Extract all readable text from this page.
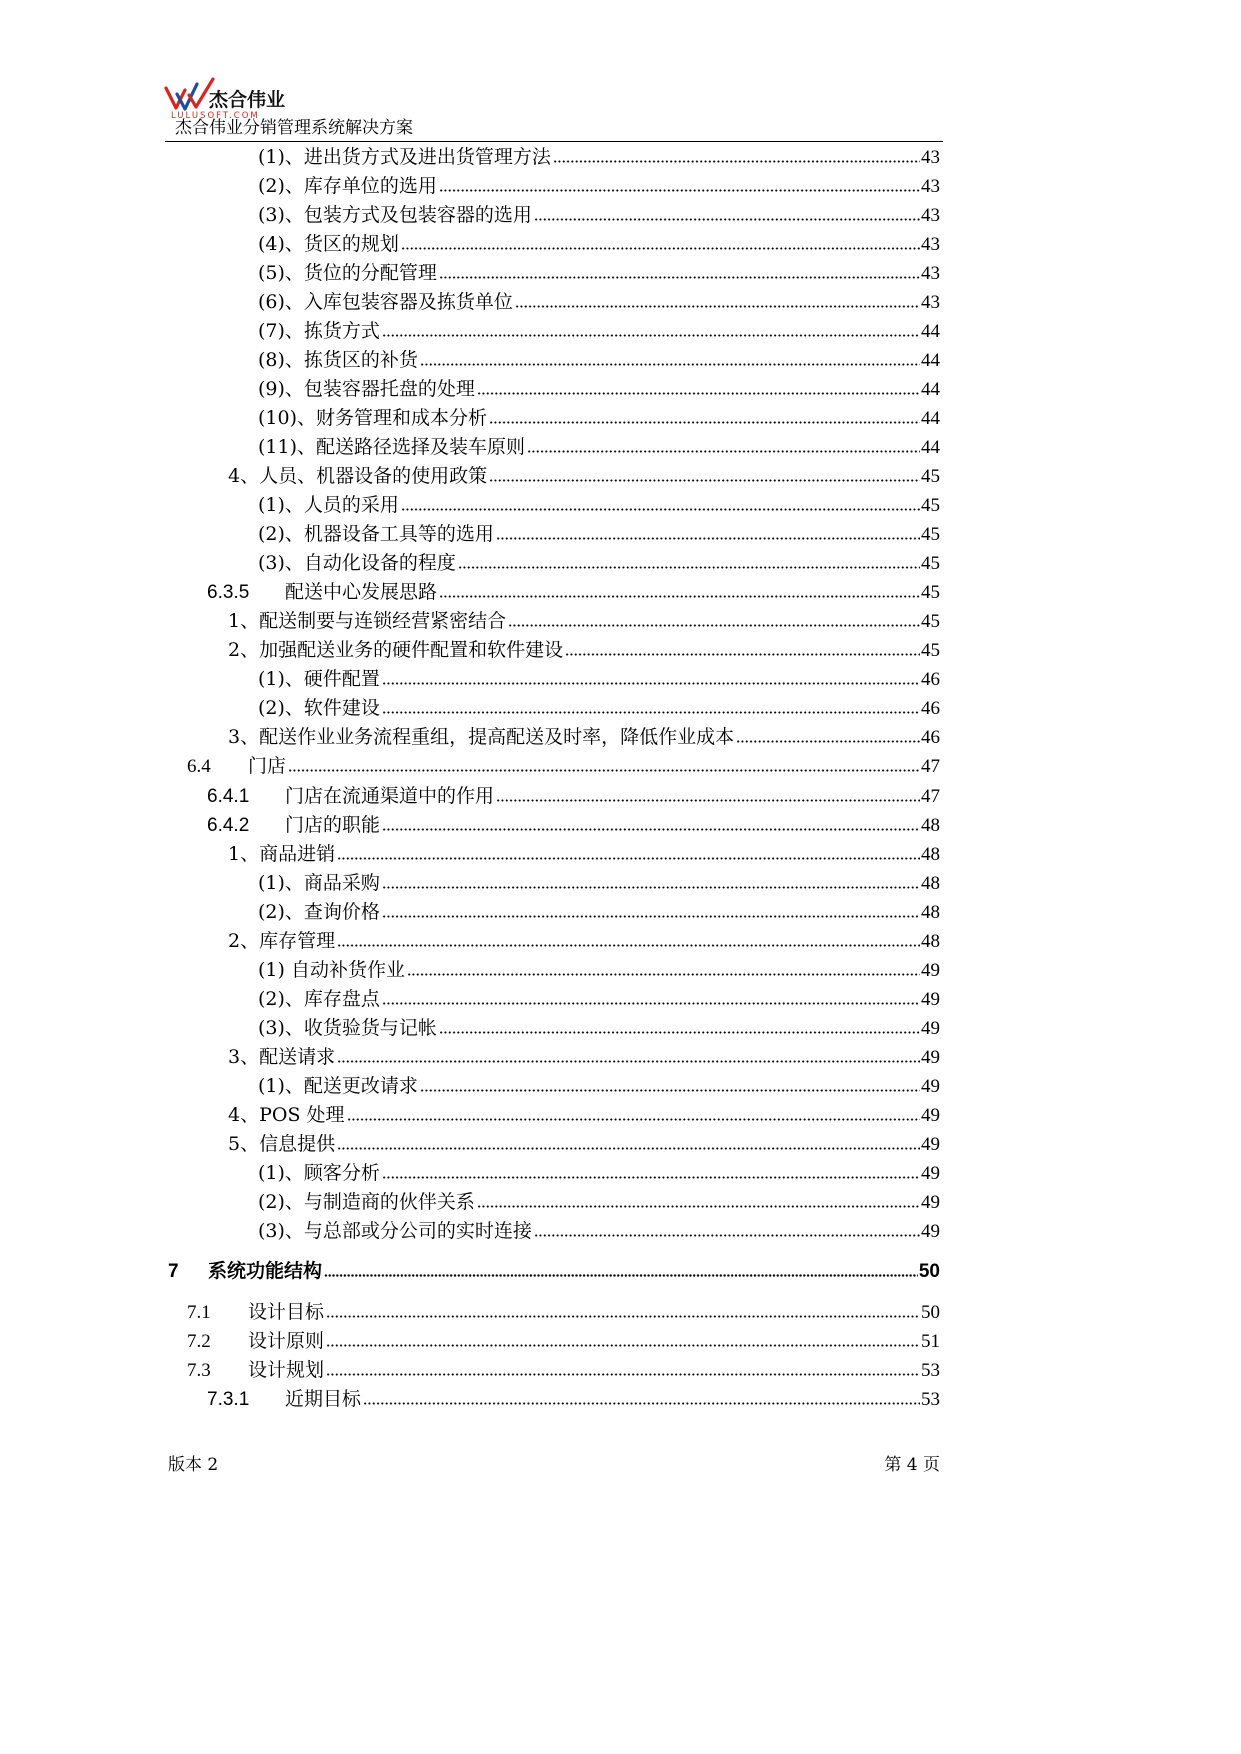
杰合伟业
LULUSOFT.COM
杰合伟业分销管理系统解决方案
(1)、进出货方式及进出货管理方法	43
(2)、库存单位的选用	43
(3)、包装方式及包装容器的选用	43
(4)、货区的规划	43
(5)、货位的分配管理	43
(6)、入库包装容器及拣货单位	43
(7)、拣货方式	44
(8)、拣货区的补货	44
(9)、包装容器托盘的处理	44
(10)、财务管理和成本分析	44
(11)、配送路径选择及装车原则	44
4、人员、机器设备的使用政策	45
(1)、人员的采用	45
(2)、机器设备工具等的选用	45
(3)、自动化设备的程度	45
6.3.5 配送中心发展思路	45
1、配送制要与连锁经营紧密结合	45
2、加强配送业务的硬件配置和软件建设	45
(1)、硬件配置	46
(2)、软件建设	46
3、配送作业业务流程重组，提高配送及时率，降低作业成本	46
6.4 门店	47
6.4.1 门店在流通渠道中的作用	47
6.4.2 门店的职能	48
1、商品进销	48
(1)、商品采购	48
(2)、查询价格	48
2、库存管理	48
(1) 自动补货作业	49
(2)、库存盘点	49
(3)、收货验货与记帐	49
3、配送请求	49
(1)、配送更改请求	49
4、POS 处理	49
5、信息提供	49
(1)、顾客分析	49
(2)、与制造商的伙伴关系	49
(3)、与总部或分公司的实时连接	49
7 系统功能结构	50
7.1 设计目标	50
7.2 设计原则	51
7.3 设计规划	53
7.3.1 近期目标	53
版本 2	第 4 页
